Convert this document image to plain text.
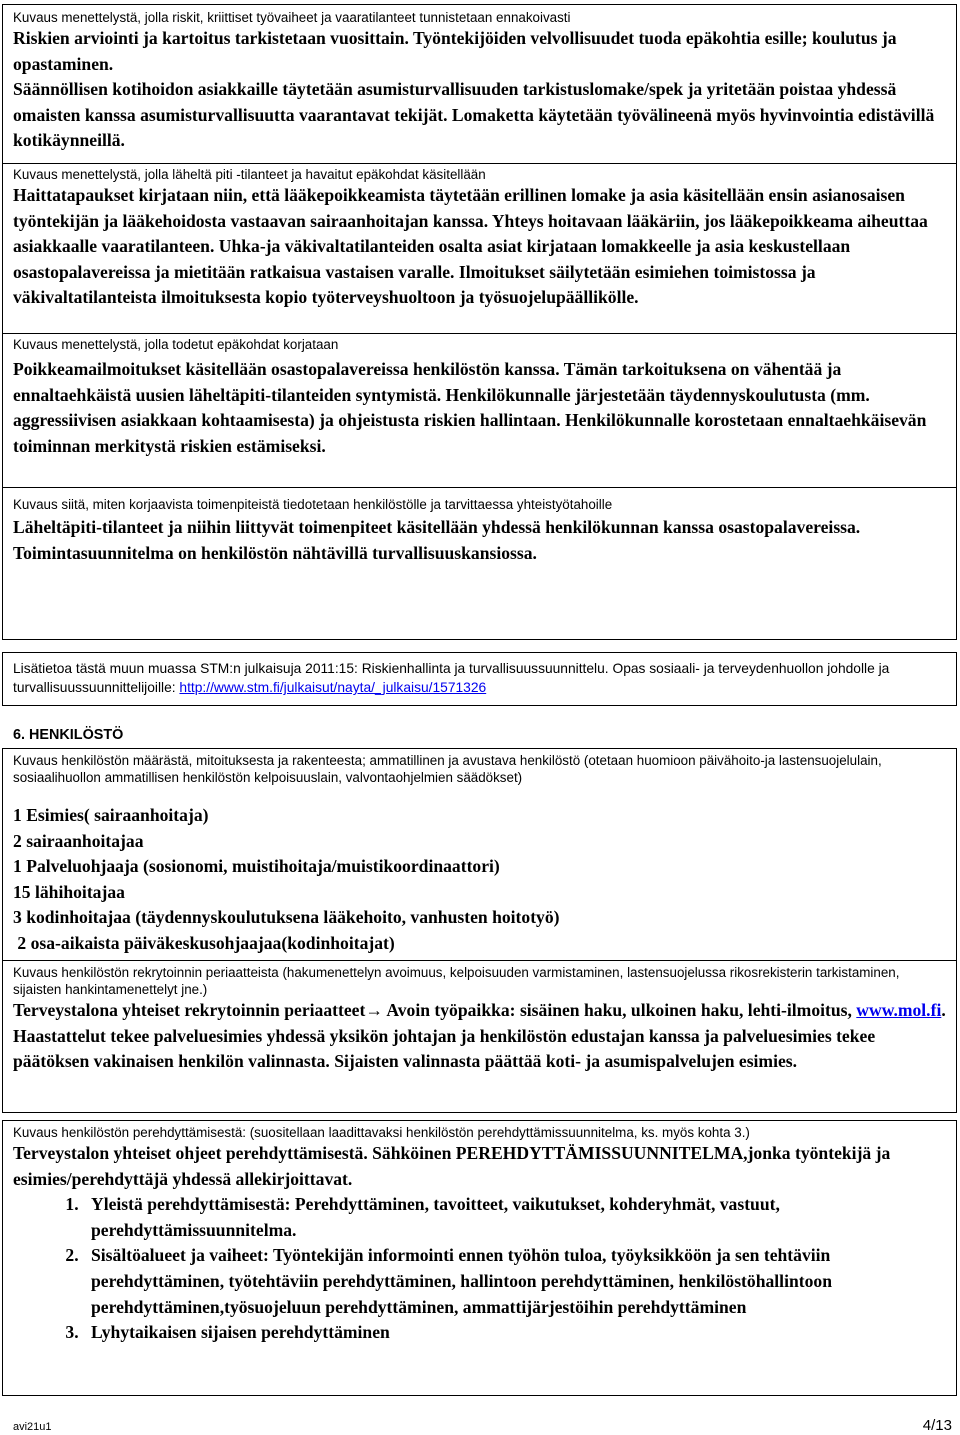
Kuvaus menettelystä, jolla riskit, kriittiset työvaiheet ja vaaratilanteet tunnistetaan ennakoivasti

Riskien arviointi ja kartoitus tarkistetaan vuosittain. Työntekijöiden velvollisuudet tuoda epäkohtia esille; koulutus ja opastaminen.

Säännöllisen kotihoidon asiakkaille täytetään asumisturvallisuuden tarkistuslomake/spek ja yritetään poistaa yhdessä omaisten kanssa asumisturvallisuutta vaarantavat tekijät. Lomaketta käytetään työvälineenä myös hyvinvointia edistävillä kotikäynneillä.

Kuvaus menettelystä, jolla läheltä piti -tilanteet ja havaitut epäkohdat käsitellään

Haittatapaukset kirjataan niin, että lääkepoikkeamista täytetään erillinen lomake ja asia käsitellään ensin asianosaisen työntekijän ja lääkehoidosta vastaavan sairaanhoitajan kanssa. Yhteys hoitavaan lääkäriin, jos lääkepoikkeama aiheuttaa asiakkaalle vaaratilanteen. Uhka-ja väkivaltatilanteiden osalta asiat kirjataan lomakkeelle ja asia keskustellaan osastopalavereissa ja mietitään ratkaisua vastaisen varalle. Ilmoitukset säilytetään esimiehen toimistossa ja väkivaltatilanteista ilmoituksesta kopio työterveyshuoltoon ja työsuojelupäällikölle.

Kuvaus menettelystä, jolla todetut epäkohdat korjataan

Poikkeamailmoitukset käsitellään osastopalavereissa henkilöstön kanssa. Tämän tarkoituksena on vähentää ja ennaltaehkäistä uusien läheltäpiti-tilanteiden syntymistä. Henkilökunnalle järjestetään täydennyskoulutusta (mm. aggressiivisen asiakkaan kohtaamisesta) ja ohjeistusta riskien hallintaan. Henkilökunnalle korostetaan ennaltaehkäisevän toiminnan merkitystä riskien estämiseksi.

Kuvaus siitä, miten korjaavista toimenpiteistä tiedotetaan henkilöstölle ja tarvittaessa yhteistyötahoille

Läheltäpiti-tilanteet ja niihin liittyvät toimenpiteet käsitellään yhdessä henkilökunnan kanssa osastopalavereissa. Toimintasuunnitelma on henkilöstön nähtävillä turvallisuuskansiossa.

Lisätietoa tästä muun muassa STM:n julkaisuja 2011:15: Riskienhallinta ja turvallisuussuunnittelu. Opas sosiaali- ja terveydenhuollon johdolle ja turvallisuussuunnittelijoille: http://www.stm.fi/julkaisut/nayta/_julkaisu/1571326

6. HENKILÖSTÖ

Kuvaus henkilöstön määrästä, mitoituksesta ja rakenteesta; ammatillinen ja avustava henkilöstö (otetaan huomioon päivähoito-ja lastensuojelulain, sosiaalihuollon ammatillisen henkilöstön kelpoisuuslain, valvontaohjelmien säädökset)

1 Esimies( sairaanhoitaja)

2 sairaanhoitajaa

1 Palveluohjaaja (sosionomi, muistihoitaja/muistikoordinaattori)

15 lähihoitajaa

3 kodinhoitajaa (täydennyskoulutuksena lääkehoito, vanhusten hoitotyö)

2 osa-aikaista päiväkeskusohjaajaa(kodinhoitajat)

Kuvaus henkilöstön rekrytoinnin periaatteista (hakumenettelyn avoimuus, kelpoisuuden varmistaminen, lastensuojelussa rikosrekisterin tarkistaminen, sijaisten hankintamenettelyt jne.)

Terveystalona yhteiset rekrytoinnin periaatteet→ Avoin työpaikka: sisäinen haku, ulkoinen haku, lehti-ilmoitus, www.mol.fi. Haastattelut tekee palveluesimies yhdessä yksikön johtajan ja henkilöstön edustajan kanssa ja palveluesimies tekee päätöksen vakinaisen henkilön valinnasta. Sijaisten valinnasta päättää koti- ja asumispalvelujen esimies.

Kuvaus henkilöstön perehdyttämisestä: (suositellaan laadittavaksi henkilöstön perehdyttämissuunnitelma, ks. myös kohta 3.)

Terveystalon yhteiset ohjeet perehdyttämisestä. Sähköinen PEREHDYTTÄMISSUUNNITELMA,jonka työntekijä ja esimies/perehdyttäjä yhdessä allekirjoittavat.

1. Yleistä perehdyttämisestä: Perehdyttäminen, tavoitteet, vaikutukset, kohderyhmät, vastuut, perehdyttämissuunnitelma.
2. Sisältöalueet ja vaiheet: Työntekijän informointi ennen työhön tuloa, työyksikköön ja sen tehtäviin perehdyttäminen, työtehtäviin perehdyttäminen, hallintoon perehdyttäminen, henkilöstöhallintoon perehdyttäminen,työsuojeluun perehdyttäminen, ammattijärjestöihin perehdyttäminen
3. Lyhytaikaisen sijaisen perehdyttäminen
avi21u1	4/13
